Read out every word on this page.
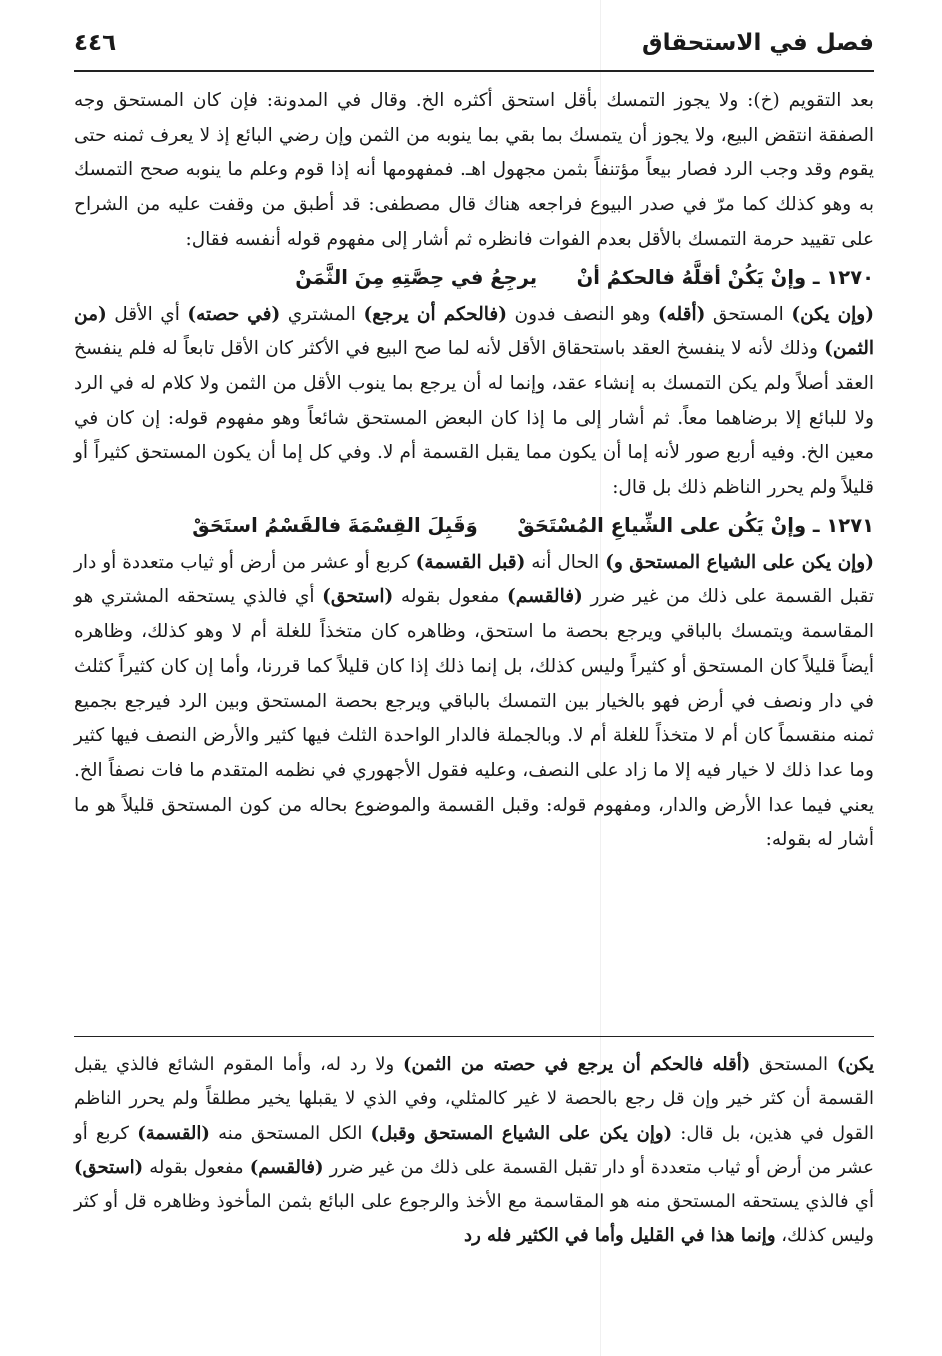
فصل في الاستحقاق
٤٤٦

بعد التقويم (خ): ولا يجوز التمسك بأقل استحق أكثره الخ. وقال في المدونة: فإن كان المستحق وجه الصفقة انتقض البيع، ولا يجوز أن يتمسك بما بقي بما ينوبه من الثمن وإن رضي البائع إذ لا يعرف ثمنه حتى يقوم وقد وجب الرد فصار بيعاً مؤتنفاً بثمن مجهول اهـ. فمفهومها أنه إذا قوم وعلم ما ينوبه صحح التمسك به وهو كذلك كما مرّ في صدر البيوع فراجعه هناك قال مصطفى: قد أطبق من وقفت عليه من الشراح على تقييد حرمة التمسك بالأقل بعدم الفوات فانظره ثم أشار إلى مفهوم قوله أنفسه فقال:

١٢٧٠ ـ وإنْ يَكُنْ أقلَّهُ فالحكمُ أنْ  يرجِعُ في حِصَّتِهِ مِنَ الثَّمَنْ

(وإن يكن) المستحق (أقله) وهو النصف فدون (فالحكم أن يرجع) المشتري (في حصته) أي الأقل (من الثمن) وذلك لأنه لا ينفسخ العقد باستحقاق الأقل لأنه لما صح البيع في الأكثر كان الأقل تابعاً له فلم ينفسخ العقد أصلاً ولم يكن التمسك به إنشاء عقد، وإنما له أن يرجع بما ينوب الأقل من الثمن ولا كلام له في الرد ولا للبائع إلا برضاهما معاً. ثم أشار إلى ما إذا كان البعض المستحق شائعاً وهو مفهوم قوله: إن كان في معين الخ. وفيه أربع صور لأنه إما أن يكون مما يقبل القسمة أم لا. وفي كل إما أن يكون المستحق كثيراً أو قليلاً ولم يحرر الناظم ذلك بل قال:

١٢٧١ ـ وإنْ يَكُن على الشِّياعِ المُسْتَحَقْ  وَقَبِلَ القِسْمَةَ فالقَسْمُ استَحَقْ

(وإن يكن على الشياع المستحق و) الحال أنه (قبل القسمة) كربع أو عشر من أرض أو ثياب متعددة أو دار تقبل القسمة على ذلك من غير ضرر (فالقسم) مفعول بقوله (استحق) أي فالذي يستحقه المشتري هو المقاسمة ويتمسك بالباقي ويرجع بحصة ما استحق، وظاهره كان متخذاً للغلة أم لا وهو كذلك، وظاهره أيضاً قليلاً كان المستحق أو كثيراً وليس كذلك، بل إنما ذلك إذا كان قليلاً كما قررنا، وأما إن كان كثيراً كثلث في دار ونصف في أرض فهو بالخيار بين التمسك بالباقي ويرجع بحصة المستحق وبين الرد فيرجع بجميع ثمنه منقسماً كان أم لا متخذاً للغلة أم لا. وبالجملة فالدار الواحدة الثلث فيها كثير والأرض النصف فيها كثير وما عدا ذلك لا خيار فيه إلا ما زاد على النصف، وعليه فقول الأجهوري في نظمه المتقدم ما فات نصفاً الخ. يعني فيما عدا الأرض والدار، ومفهوم قوله: وقبل القسمة والموضوع بحاله من كون المستحق قليلاً هو ما أشار له بقوله:

يكن) المستحق (أقله فالحكم أن يرجع في حصته من الثمن) ولا رد له، وأما المقوم الشائع فالذي يقبل القسمة أن كثر خير وإن قل رجع بالحصة لا غير كالمثلي، وفي الذي لا يقبلها يخير مطلقاً ولم يحرر الناظم القول في هذين، بل قال: (وإن يكن على الشياع المستحق وقبل) الكل المستحق منه (القسمة) كربع أو عشر من أرض أو ثياب متعددة أو دار تقبل القسمة على ذلك من غير ضرر (فالقسم) مفعول بقوله (استحق) أي فالذي يستحقه المستحق منه هو المقاسمة مع الأخذ والرجوع على البائع بثمن المأخوذ وظاهره قل أو كثر وليس كذلك، وإنما هذا في القليل وأما في الكثير فله رد
